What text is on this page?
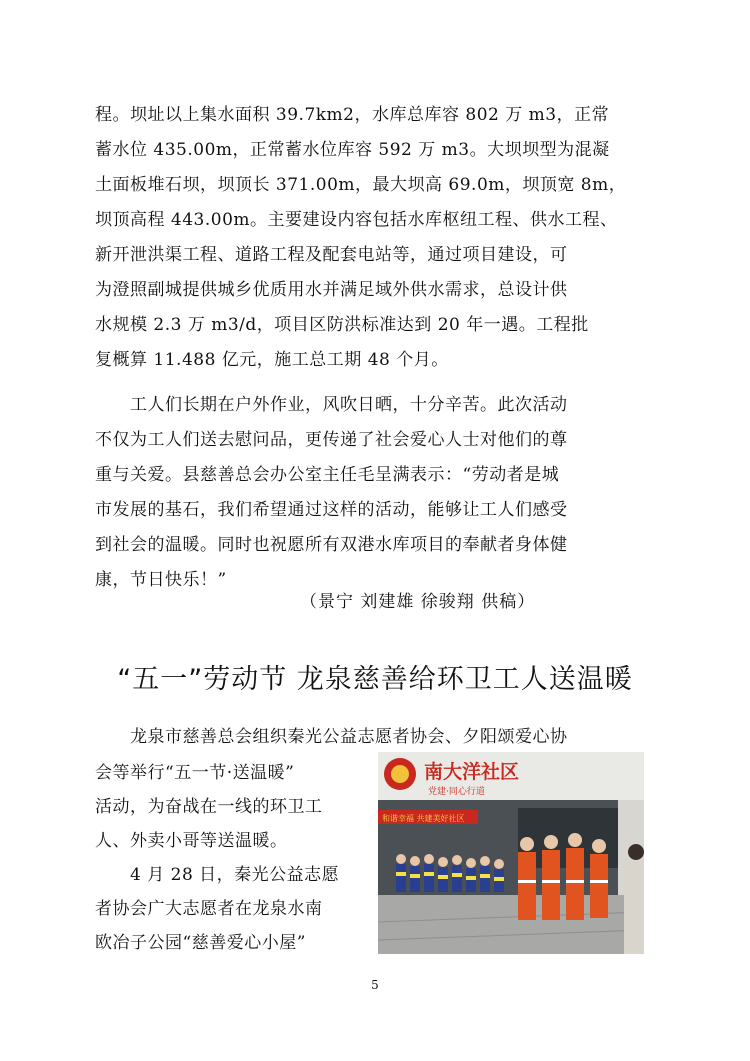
程。坝址以上集水面积 39.7km2，水库总库容 802 万 m3，正常
蓄水位 435.00m，正常蓄水位库容 592 万 m3。大坝坝型为混凝
土面板堆石坝，坝顶长 371.00m，最大坝高 69.0m，坝顶宽 8m，
坝顶高程 443.00m。主要建设内容包括水库枢纽工程、供水工程、
新开泄洪渠工程、道路工程及配套电站等，通过项目建设，可
为澄照副城提供城乡优质用水并满足域外供水需求，总设计供
水规模 2.3 万 m3/d，项目区防洪标准达到 20 年一遇。工程批
复概算 11.488 亿元，施工总工期 48 个月。
　　工人们长期在户外作业，风吹日晒，十分辛苦。此次活动
不仅为工人们送去慰问品，更传递了社会爱心人士对他们的尊
重与关爱。县慈善总会办公室主任毛呈满表示：“劳动者是城
市发展的基石，我们希望通过这样的活动，能够让工人们感受
到社会的温暖。同时也祝愿所有双港水库项目的奉献者身体健
康，节日快乐！”

（景宁 刘建雄 徐骏翔 供稿）

“五一”劳动节 龙泉慈善给环卫工人送温暖
　　龙泉市慈善总会组织秦光公益志愿者协会、夕阳颂爱心协
会等举行“五一节·送温暖”
活动，为奋战在一线的环卫工
人、外卖小哥等送温暖。
　　4 月 28 日，秦光公益志愿
者协会广大志愿者在龙泉水南
欧冶子公园“慈善爱心小屋”
南大洋社区
党建·同心行道
和谐幸福 共建美好社区

5
